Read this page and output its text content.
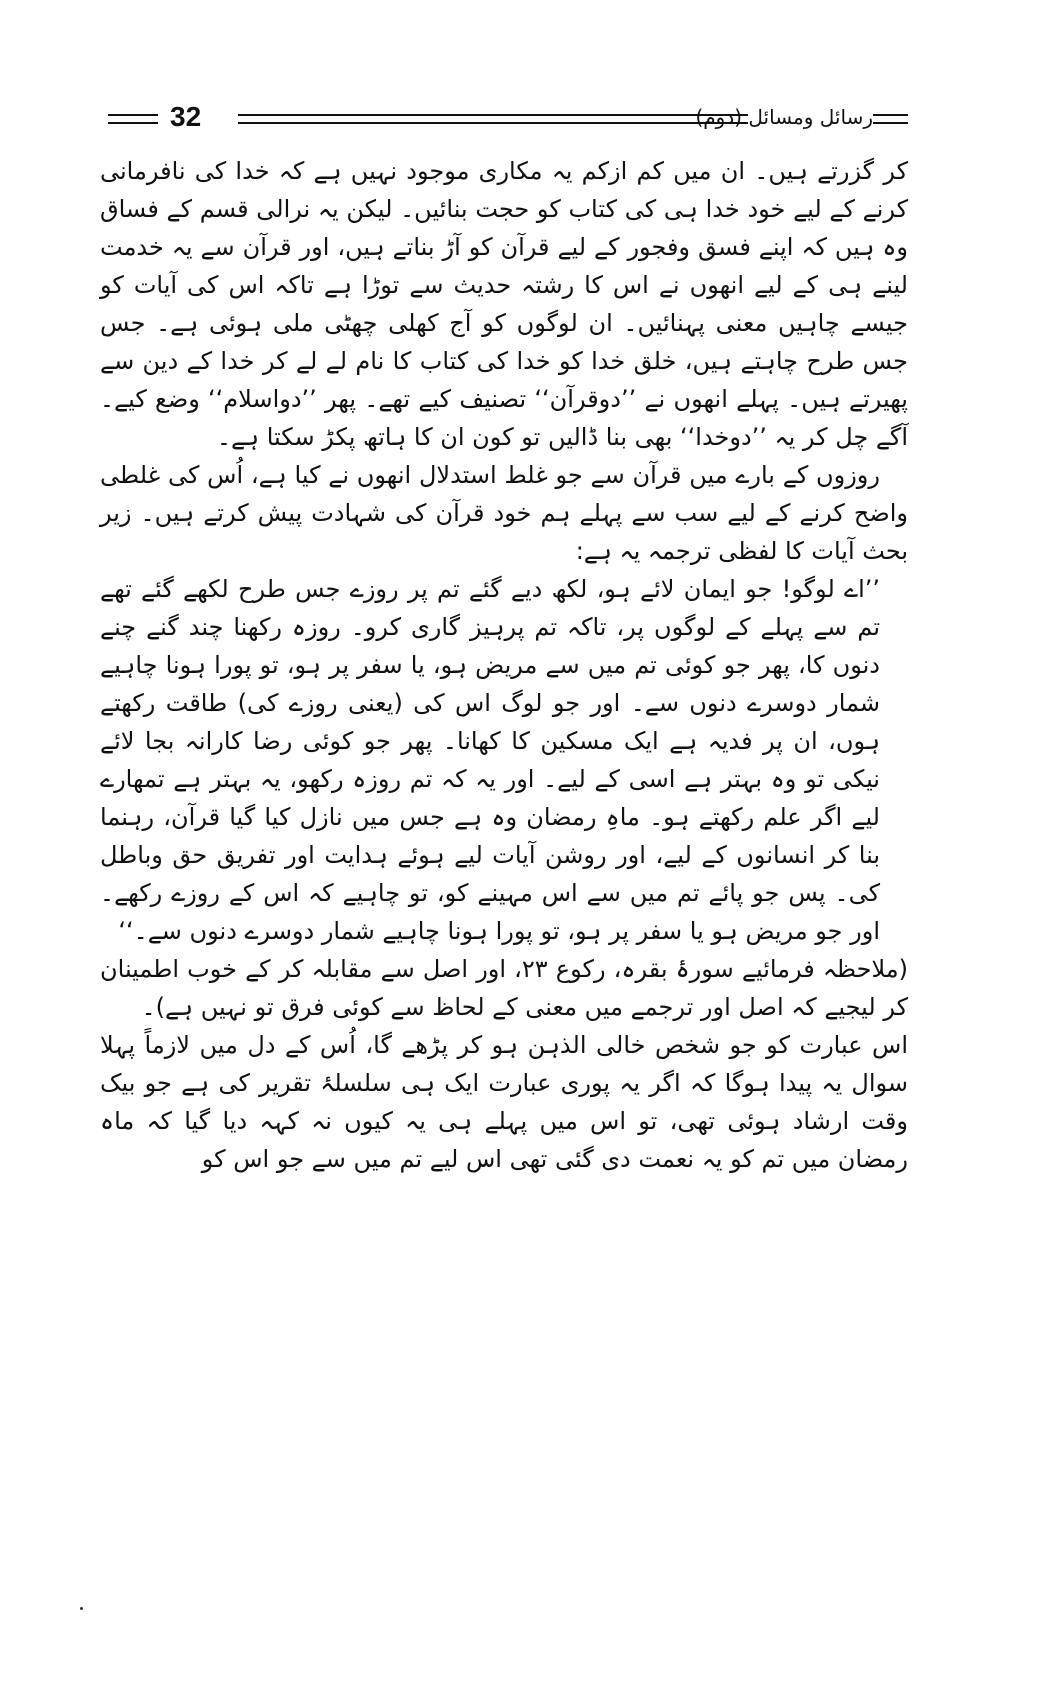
32	رسائل ومسائل (دوم)

کر گزرتے ہیں۔ ان میں کم ازکم یہ مکاری موجود نہیں ہے کہ خدا کی نافرمانی کرنے کے لیے خود خدا ہی کی کتاب کو حجت بنائیں۔ لیکن یہ نرالی قسم کے فساق وہ ہیں کہ اپنے فسق وفجور کے لیے قرآن کو آڑ بناتے ہیں، اور قرآن سے یہ خدمت لینے ہی کے لیے انھوں نے اس کا رشتہ حدیث سے توڑا ہے تاکہ اس کی آیات کو جیسے چاہیں معنی پہنائیں۔ ان لوگوں کو آج کھلی چھٹی ملی ہوئی ہے۔ جس جس طرح چاہتے ہیں، خلق خدا کو خدا کی کتاب کا نام لے لے کر خدا کے دین سے پھیرتے ہیں۔ پہلے انھوں نے ’’دوقرآن‘‘ تصنیف کیے تھے۔ پھر ’’دواسلام‘‘ وضع کیے۔ آگے چل کر یہ ’’دوخدا‘‘ بھی بنا ڈالیں تو کون ان کا ہاتھ پکڑ سکتا ہے۔

روزوں کے بارے میں قرآن سے جو غلط استدلال انھوں نے کیا ہے، اُس کی غلطی واضح کرنے کے لیے سب سے پہلے ہم خود قرآن کی شہادت پیش کرتے ہیں۔ زیر بحث آیات کا لفظی ترجمہ یہ ہے:

’’اے لوگو! جو ایمان لائے ہو، لکھ دیے گئے تم پر روزے جس طرح لکھے گئے تھے تم سے پہلے کے لوگوں پر، تاکہ تم پرہیز گاری کرو۔ روزہ رکھنا چند گنے چنے دنوں کا، پھر جو کوئی تم میں سے مریض ہو، یا سفر پر ہو، تو پورا ہونا چاہیے شمار دوسرے دنوں سے۔ اور جو لوگ اس کی (یعنی روزے کی) طاقت رکھتے ہوں، ان پر فدیہ ہے ایک مسکین کا کھانا۔ پھر جو کوئی رضا کارانہ بجا لائے نیکی تو وہ بہتر ہے اسی کے لیے۔ اور یہ کہ تم روزہ رکھو، یہ بہتر ہے تمھارے لیے اگر علم رکھتے ہو۔ ماہِ رمضان وہ ہے جس میں نازل کیا گیا قرآن، رہنما بنا کر انسانوں کے لیے، اور روشن آیات لیے ہوئے ہدایت اور تفریق حق وباطل کی۔ پس جو پائے تم میں سے اس مہینے کو، تو چاہیے کہ اس کے روزے رکھے۔ اور جو مریض ہو یا سفر پر ہو، تو پورا ہونا چاہیے شمار دوسرے دنوں سے۔‘‘

(ملاحظہ فرمائیے سورۂ بقرہ، رکوع ۲۳، اور اصل سے مقابلہ کر کے خوب اطمینان کر لیجیے کہ اصل اور ترجمے میں معنی کے لحاظ سے کوئی فرق تو نہیں ہے)۔

اس عبارت کو جو شخص خالی الذہن ہو کر پڑھے گا، اُس کے دل میں لازماً پہلا سوال یہ پیدا ہوگا کہ اگر یہ پوری عبارت ایک ہی سلسلۂ تقریر کی ہے جو بیک وقت ارشاد ہوئی تھی، تو اس میں پہلے ہی یہ کیوں نہ کہہ دیا گیا کہ ماہ رمضان میں تم کو یہ نعمت دی گئی تھی اس لیے تم میں سے جو اس کو
